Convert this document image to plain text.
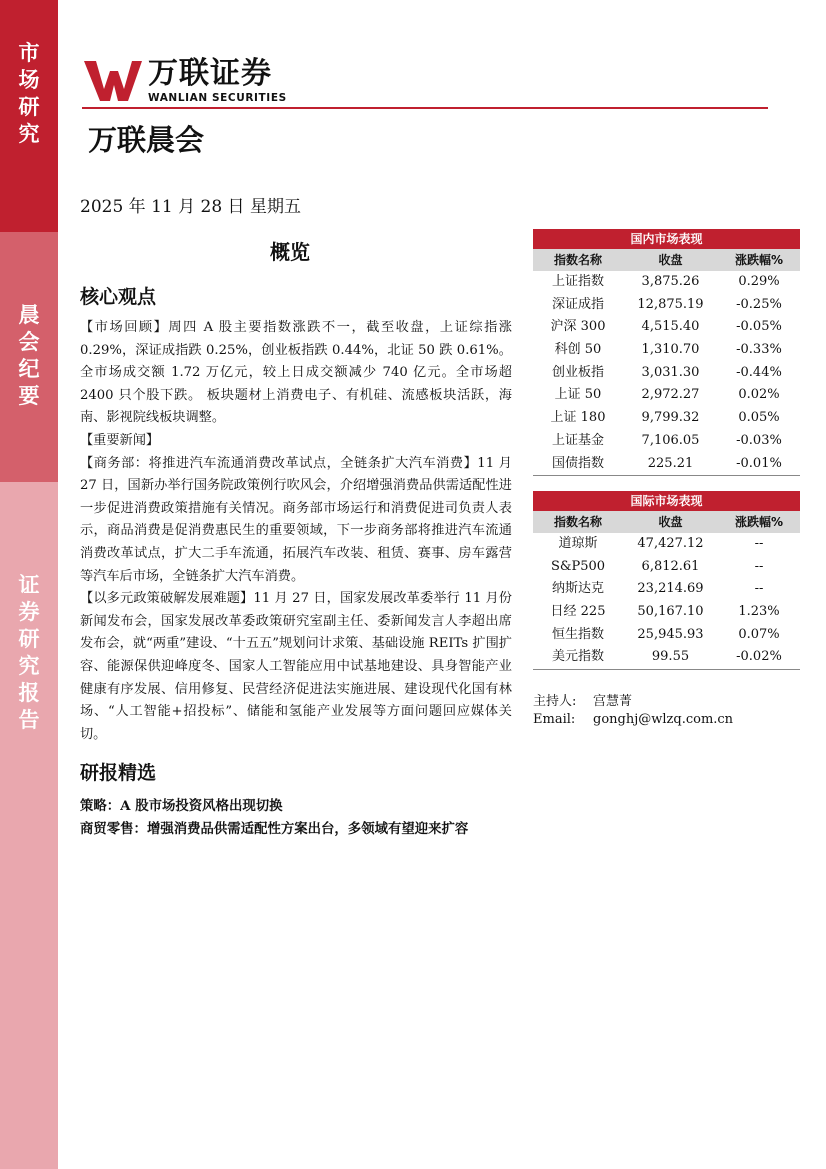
市
场
研
究
晨
会
纪
要
证
券
研
究
报
告
万联证券
WANLIAN SECURITIES
万联晨会
2025 年 11 月 28 日 星期五
概览
核心观点

【市场回顾】周四 A 股主要指数涨跌不一，截至收盘，上证综指涨 0.29%，深证成指跌 0.25%，创业板指跌 0.44%，北证 50 跌 0.61%。全市场成交额 1.72 万亿元，较上日成交额减少 740 亿元。全市场超 2400 只个股下跌。 板块题材上消费电子、有机硅、流感板块活跃，海南、影视院线板块调整。

【重要新闻】

【商务部：将推进汽车流通消费改革试点，全链条扩大汽车消费】11 月 27 日，国新办举行国务院政策例行吹风会，介绍增强消费品供需适配性进一步促进消费政策措施有关情况。商务部市场运行和消费促进司负责人表示，商品消费是促消费惠民生的重要领域，下一步商务部将推进汽车流通消费改革试点，扩大二手车流通，拓展汽车改装、租赁、赛事、房车露营等汽车后市场，全链条扩大汽车消费。

【以多元政策破解发展难题】11 月 27 日，国家发展改革委举行 11 月份新闻发布会，国家发展改革委政策研究室副主任、委新闻发言人李超出席发布会，就“两重”建设、“十五五”规划问计求策、基础设施 REITs 扩围扩容、能源保供迎峰度冬、国家人工智能应用中试基地建设、具身智能产业健康有序发展、信用修复、民营经济促进法实施进展、建设现代化国有林场、“人工智能+招投标”、储能和氢能产业发展等方面问题回应媒体关切。

研报精选
策略：A 股市场投资风格出现切换
商贸零售：增强消费品供需适配性方案出台，多领域有望迎来扩容
国内市场表现
指数名称	收盘	涨跌幅%
上证指数	3,875.26	0.29%
深证成指	12,875.19	-0.25%
沪深 300	4,515.40	-0.05%
科创 50	1,310.70	-0.33%
创业板指	3,031.30	-0.44%
上证 50	2,972.27	0.02%
上证 180	9,799.32	0.05%
上证基金	7,106.05	-0.03%
国债指数	225.21	-0.01%
国际市场表现
指数名称	收盘	涨跌幅%
道琼斯	47,427.12	--
S&P500	6,812.61	--
纳斯达克	23,214.69	--
日经 225	50,167.10	1.23%
恒生指数	25,945.93	0.07%
美元指数	99.55	-0.02%
主持人: 宫慧菁
Email: gonghj@wlzq.com.cn
